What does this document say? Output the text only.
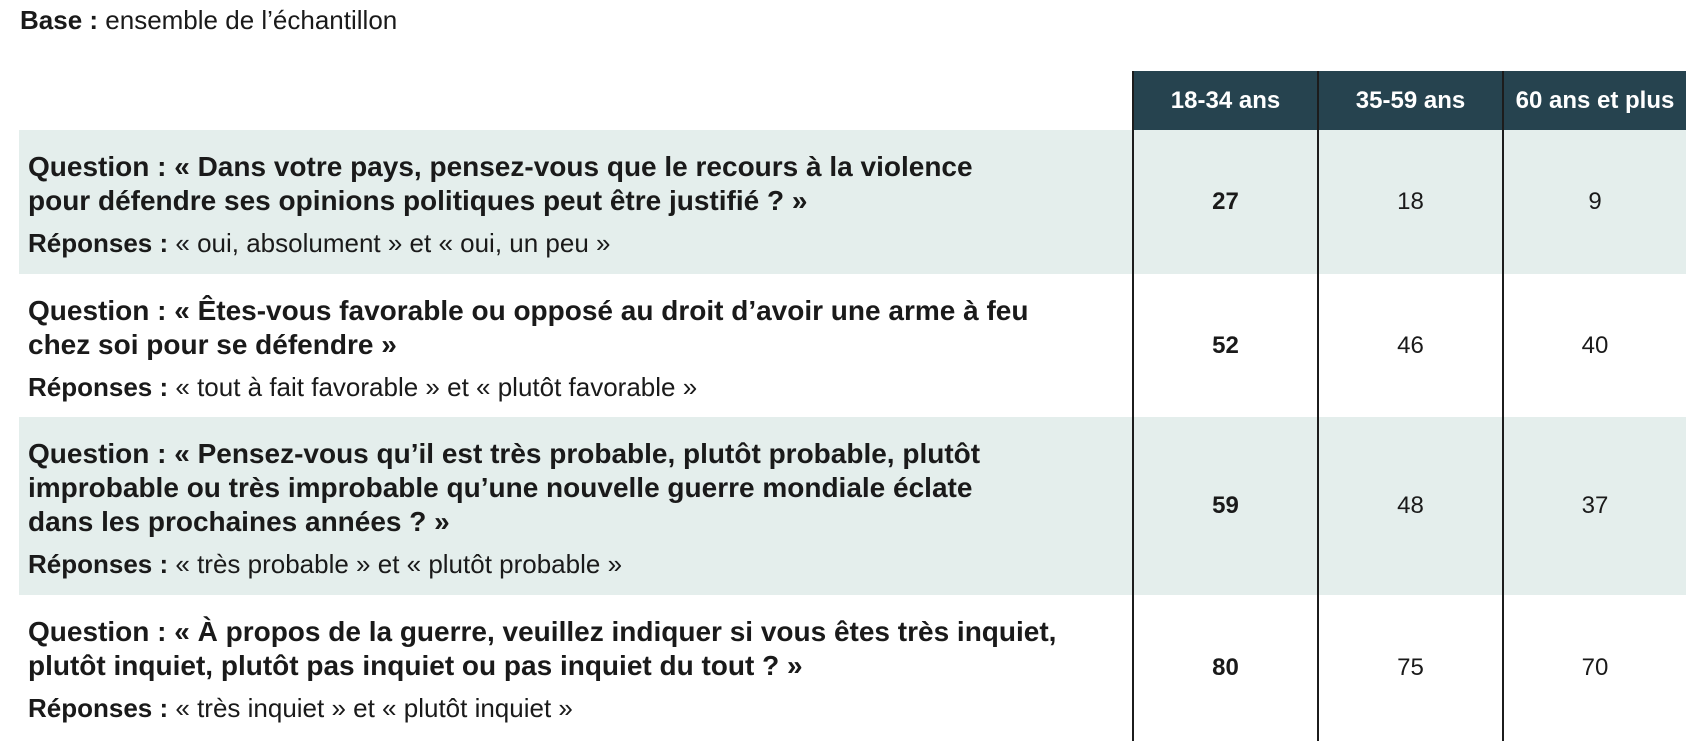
Base : ensemble de l’échantillon
	18-34 ans	35-59 ans	60 ans et plus

Question : « Dans votre pays, pensez-vous que le recours à la violence
pour défendre ses opinions politiques peut être justifié ? »

Réponses : « oui, absolument » et « oui, un peu »	27	18	9

Question : « Êtes-vous favorable ou opposé au droit d’avoir une arme à feu
chez soi pour se défendre »

Réponses : « tout à fait favorable » et « plutôt favorable »	52	46	40

Question : « Pensez-vous qu’il est très probable, plutôt probable, plutôt
improbable ou très improbable qu’une nouvelle guerre mondiale éclate
dans les prochaines années ? »

Réponses : « très probable » et « plutôt probable »	59	48	37

Question : « À propos de la guerre, veuillez indiquer si vous êtes très inquiet,
plutôt inquiet, plutôt pas inquiet ou pas inquiet du tout ? »

Réponses : « très inquiet » et « plutôt inquiet »	80	75	70
